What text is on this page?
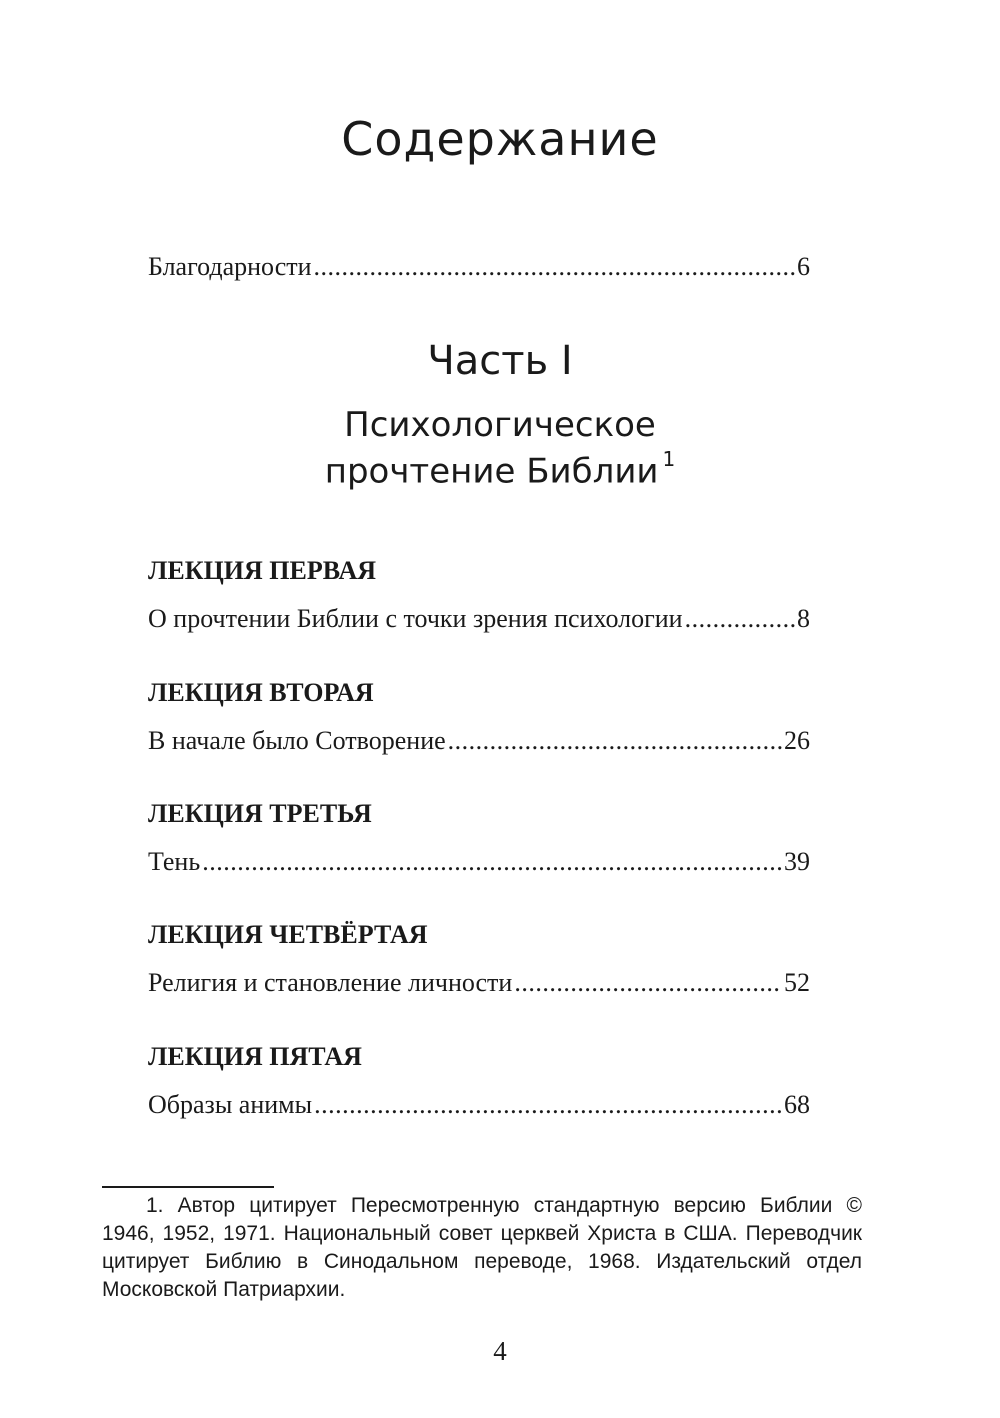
Содержание
Благодарности . . .	6
Часть I
Психологическое
прочтение Библии $^1$
ЛЕКЦИЯ ПЕРВАЯ
О прочтении Библии с точки зрения психологии . . .	8
ЛЕКЦИЯ ВТОРАЯ
В начале было Сотворение . . .	26
ЛЕКЦИЯ ТРЕТЬЯ
Тень . . .	39
ЛЕКЦИЯ ЧЕТВЁРТАЯ
Религия и становление личности . . .	52
ЛЕКЦИЯ ПЯТАЯ
Образы анимы . . .	68
1. Автор цитирует Пересмотренную стандартную версию Библии © 1946, 1952, 1971. Национальный совет церквей Христа в США. Переводчик цитирует Библию в Синодальном переводе, 1968. Издательский отдел Московской Патриархии.
4
